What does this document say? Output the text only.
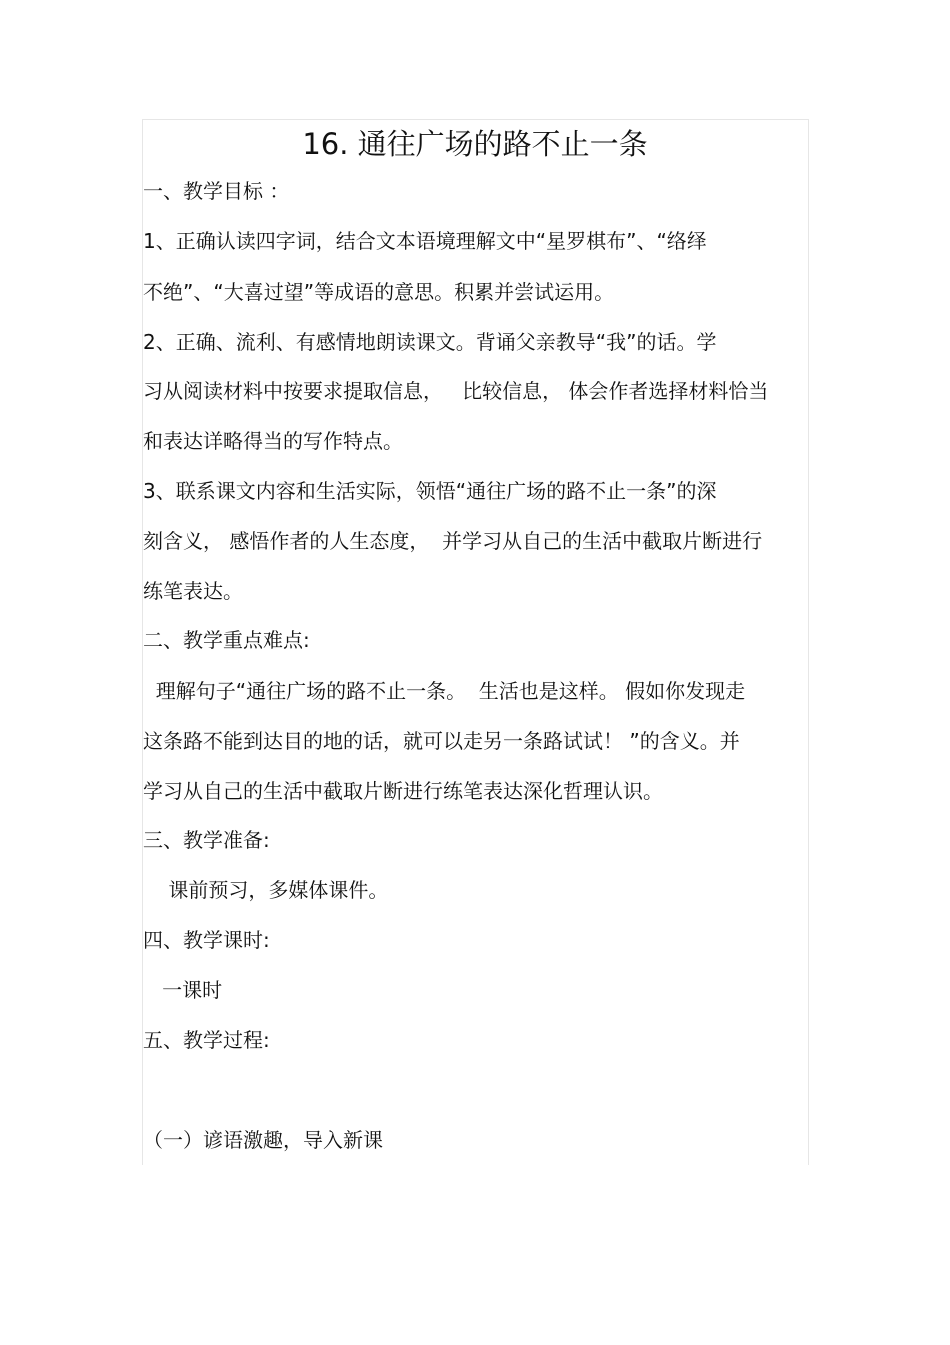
16. 通往广场的路不止一条
一、教学目标 ：
1、正确认读四字词，结合文本语境理解文中“星罗棋布”、“络绎
不绝”、“大喜过望”等成语的意思。积累并尝试运用。
2、正确、流利、有感情地朗读课文。背诵父亲教导“我”的话。学
习从阅读材料中按要求提取信息，   比较信息， 体会作者选择材料恰当
和表达详略得当的写作特点。
3、联系课文内容和生活实际，领悟“通往广场的路不止一条”的深
刻含义， 感悟作者的人生态度，  并学习从自己的生活中截取片断进行
练笔表达。
二、教学重点难点:
理解句子“通往广场的路不止一条。  生活也是这样。 假如你发现走
这条路不能到达目的地的话，就可以走另一条路试试！ ”的含义。并
学习从自己的生活中截取片断进行练笔表达深化哲理认识。
三、教学准备:
课前预习，多媒体课件。
四、教学课时:
一课时
五、教学过程:
（一）谚语激趣，导入新课
